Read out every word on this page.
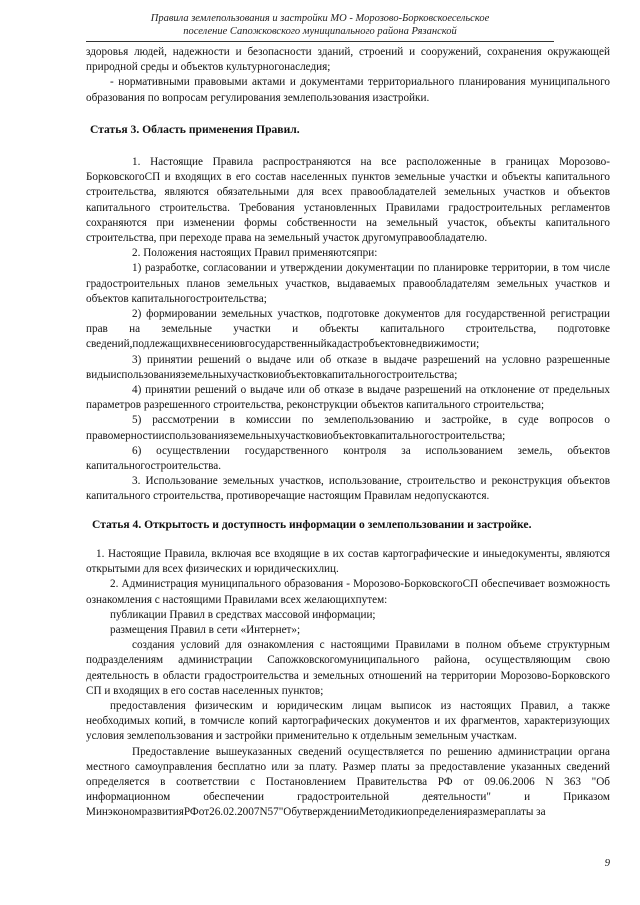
Правила землепользования и застройки МО - Морозово-Борковскоесельское
поселение Сапожковского муниципального района Рязанской

здоровья людей, надежности и безопасности зданий, строений и сооружений, сохранения окружающей природной среды и объектов культурногонаследия;

- нормативными правовыми актами и документами территориального планирования муниципального образования по вопросам регулирования землепользования изастройки.

Статья 3. Область применения Правил.

1. Настоящие Правила распространяются на все расположенные в границах Морозово-БорковскогоСП и входящих в его состав населенных пунктов земельные участки и объекты капитального строительства, являются обязательными для всех правообладателей земельных участков и объектов капитального строительства. Требования установленных Правилами градостроительных регламентов сохраняются при изменении формы собственности на земельный участок, объекты капитального строительства, при переходе права на земельный участок другомуправообладателю.

2. Положения настоящих Правил применяютсяпри:

1) разработке, согласовании и утверждении документации по планировке территории, в том числе градостроительных планов земельных участков, выдаваемых правообладателям земельных участков и объектов капитальногостроительства;

2) формировании земельных участков, подготовке документов для государственной регистрации прав на земельные участки и объекты капитального строительства, подготовке сведений,подлежащихвнесениювгосударственныйкадастробъектовнедвижимости;

3) принятии решений о выдаче или об отказе в выдаче разрешений на условно разрешенные видыиспользованияземельныхучастковиобъектовкапитальногостроительства;

4) принятии решений о выдаче или об отказе в выдаче разрешений на отклонение от предельных параметров разрешенного строительства, реконструкции объектов капитального строительства;

5) рассмотрении в комиссии по землепользованию и застройке, в суде вопросов о правомерностииспользованияземельныхучастковиобъектовкапитальногостроительства;

6) осуществлении государственного контроля за использованием земель, объектов капитальногостроительства.

3. Использование земельных участков, использование, строительство и реконструкция объектов капитального строительства, противоречащие настоящим Правилам недопускаются.

Статья 4. Открытость и доступность информации о землепользовании и застройке.

1. Настоящие Правила, включая все входящие в их состав картографические и иныедокументы, являются открытыми для всех физических и юридическихлиц.

2. Администрация муниципального образования - Морозово-БорковскогоСП обеспечивает возможность ознакомления с настоящими Правилами всех желающихпутем:

публикации Правил в средствах массовой информации;

размещения Правил в сети «Интернет»;

создания условий для ознакомления с настоящими Правилами в полном объеме структурным подразделениям администрации Сапожковскогомуниципального района, осуществляющим свою деятельность в области градостроительства и земельных отношений на территории Морозово-Борковского СП и входящих в его состав населенных пунктов;

предоставления физическим и юридическим лицам выписок из настоящих Правил, а также необходимых копий, в томчисле копий картографических документов и их фрагментов, характеризующих условия землепользования и застройки применительно к отдельным земельным участкам.

Предоставление вышеуказанных сведений осуществляется по решению администрации органа местного самоуправления бесплатно или за плату. Размер платы за предоставление указанных сведений определяется в соответствии с Постановлением Правительства РФ от 09.06.2006 N 363 "Об информационном обеспечении градостроительной деятельности" и Приказом МинэкономразвитияРФот26.02.2007N57"ОбутвержденииМетодикиопределенияразмераплаты за

9
